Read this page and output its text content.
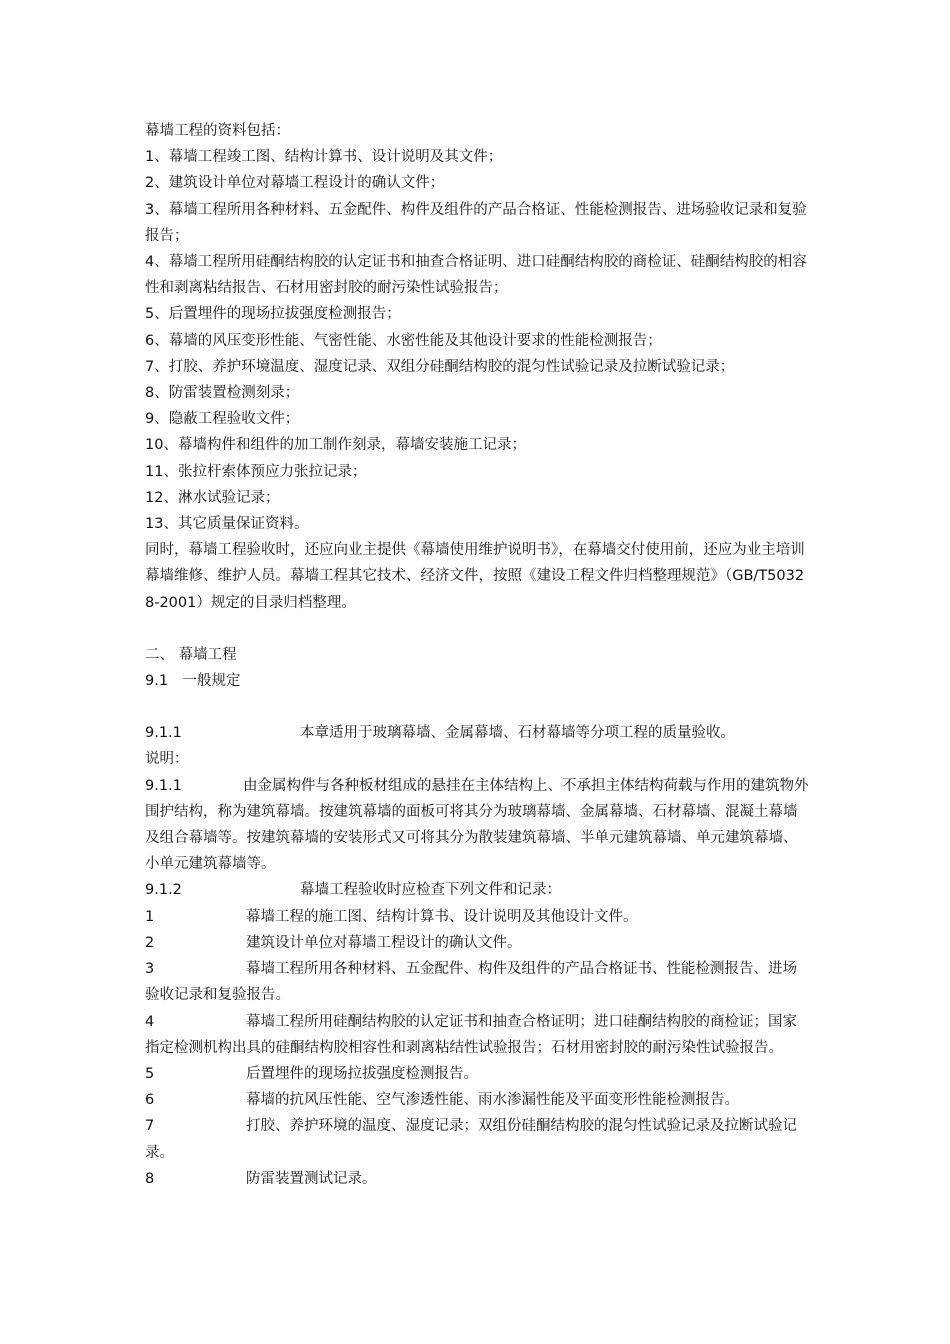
幕墙工程的资料包括：

1、幕墙工程竣工图、结构计算书、设计说明及其文件；

2、建筑设计单位对幕墙工程设计的确认文件；

3、幕墙工程所用各种材料、五金配件、构件及组件的产品合格证、性能检测报告、进场验收记录和复验报告；

4、幕墙工程所用硅酮结构胶的认定证书和抽查合格证明、进口硅酮结构胶的商检证、硅酮结构胶的相容性和剥离粘结报告、石材用密封胶的耐污染性试验报告；

5、后置埋件的现场拉拔强度检测报告；

6、幕墙的风压变形性能、气密性能、水密性能及其他设计要求的性能检测报告；

7、打胶、养护环境温度、湿度记录、双组分硅酮结构胶的混匀性试验记录及拉断试验记录；

8、防雷装置检测刻录；

9、隐蔽工程验收文件；

10、幕墙构件和组件的加工制作刻录，幕墙安装施工记录；

11、张拉杆索体预应力张拉记录；

12、淋水试验记录；

13、其它质量保证资料。

同时，幕墙工程验收时，还应向业主提供《幕墙使用维护说明书》，在幕墙交付使用前，还应为业主培训幕墙维修、维护人员。幕墙工程其它技术、经济文件，按照《建设工程文件归档整理规范》（GB/T50328-2001）规定的目录归档整理。

二、 幕墙工程

9.1　一般规定

9.1.1	本章适用于玻璃幕墙、金属幕墙、石材幕墙等分项工程的质量验收。

说明：

9.1.1	由金属构件与各种板材组成的悬挂在主体结构上、不承担主体结构荷载与作用的建筑物外围护结构，称为建筑幕墙。按建筑幕墙的面板可将其分为玻璃幕墙、金属幕墙、石材幕墙、混凝土幕墙及组合幕墙等。按建筑幕墙的安装形式又可将其分为散装建筑幕墙、半单元建筑幕墙、单元建筑幕墙、小单元建筑幕墙等。

9.1.2	幕墙工程验收时应检查下列文件和记录：

1	幕墙工程的施工图、结构计算书、设计说明及其他设计文件。

2	建筑设计单位对幕墙工程设计的确认文件。

3	幕墙工程所用各种材料、五金配件、构件及组件的产品合格证书、性能检测报告、进场验收记录和复验报告。

4	幕墙工程所用硅酮结构胶的认定证书和抽查合格证明；进口硅酮结构胶的商检证；国家指定检测机构出具的硅酮结构胶相容性和剥离粘结性试验报告；石材用密封胶的耐污染性试验报告。

5	后置埋件的现场拉拔强度检测报告。

6	幕墙的抗风压性能、空气渗透性能、雨水渗漏性能及平面变形性能检测报告。

7	打胶、养护环境的温度、湿度记录；双组份硅酮结构胶的混匀性试验记录及拉断试验记录。

8	防雷装置测试记录。
